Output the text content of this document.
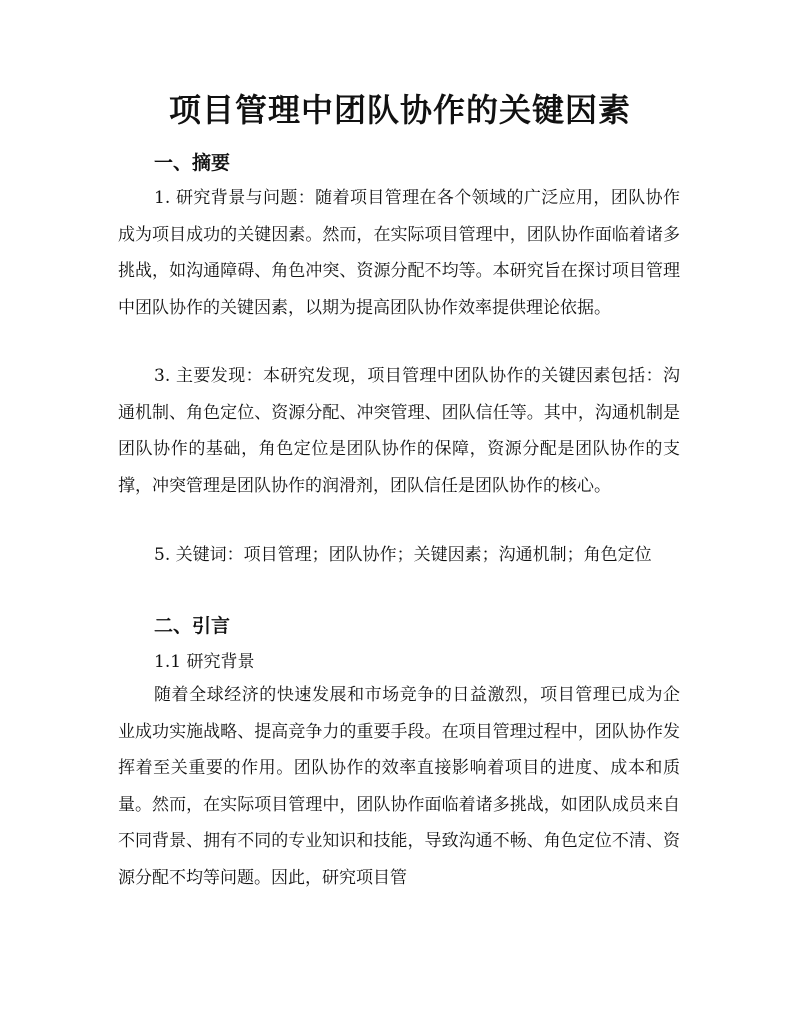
项目管理中团队协作的关键因素
一、摘要
1. 研究背景与问题：随着项目管理在各个领域的广泛应用，团队协作成为项目成功的关键因素。然而，在实际项目管理中，团队协作面临着诸多挑战，如沟通障碍、角色冲突、资源分配不均等。本研究旨在探讨项目管理中团队协作的关键因素，以期为提高团队协作效率提供理论依据。
3. 主要发现：本研究发现，项目管理中团队协作的关键因素包括：沟通机制、角色定位、资源分配、冲突管理、团队信任等。其中，沟通机制是团队协作的基础，角色定位是团队协作的保障，资源分配是团队协作的支撑，冲突管理是团队协作的润滑剂，团队信任是团队协作的核心。
5. 关键词：项目管理；团队协作；关键因素；沟通机制；角色定位
二、引言
1.1 研究背景
随着全球经济的快速发展和市场竞争的日益激烈，项目管理已成为企业成功实施战略、提高竞争力的重要手段。在项目管理过程中，团队协作发挥着至关重要的作用。团队协作的效率直接影响着项目的进度、成本和质量。然而，在实际项目管理中，团队协作面临着诸多挑战，如团队成员来自不同背景、拥有不同的专业知识和技能，导致沟通不畅、角色定位不清、资源分配不均等问题。因此，研究项目管
